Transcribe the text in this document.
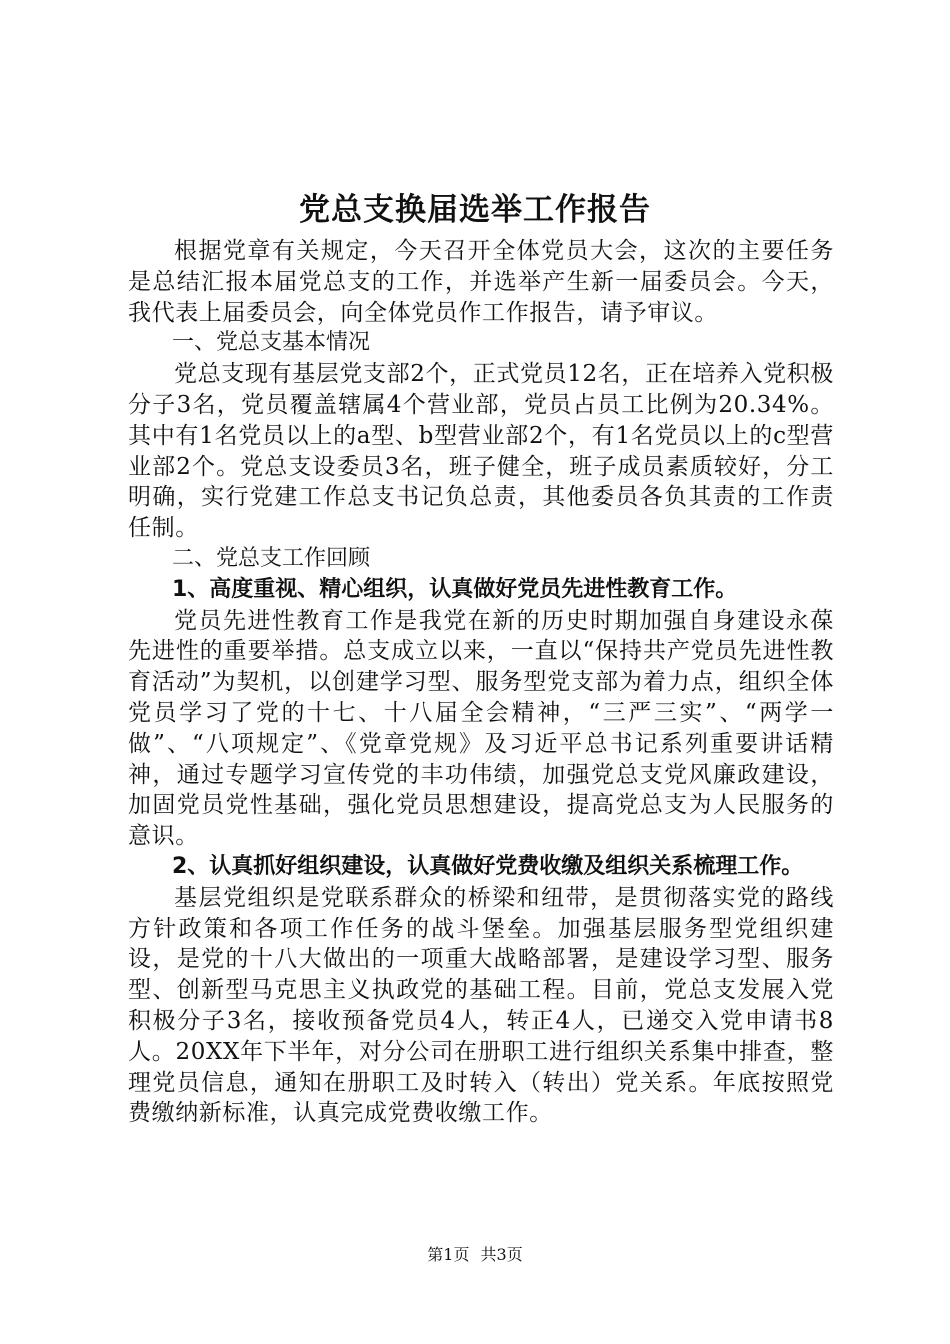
党总支换届选举工作报告

根据党章有关规定，今天召开全体党员大会，这次的主要任务是总结汇报本届党总支的工作，并选举产生新一届委员会。今天，我代表上届委员会，向全体党员作工作报告，请予审议。

一、党总支基本情况

党总支现有基层党支部2个，正式党员12名，正在培养入党积极分子3名，党员覆盖辖属4个营业部，党员占员工比例为20.34%。其中有1名党员以上的a型、b型营业部2个，有1名党员以上的c型营业部2个。党总支设委员3名，班子健全，班子成员素质较好，分工明确，实行党建工作总支书记负总责，其他委员各负其责的工作责任制。

二、党总支工作回顾

1、高度重视、精心组织，认真做好党员先进性教育工作。

党员先进性教育工作是我党在新的历史时期加强自身建设永葆先进性的重要举措。总支成立以来，一直以“保持共产党员先进性教育活动”为契机，以创建学习型、服务型党支部为着力点，组织全体党员学习了党的十七、十八届全会精神，“三严三实”、“两学一做”、“八项规定”、《党章党规》及习近平总书记系列重要讲话精神，通过专题学习宣传党的丰功伟绩，加强党总支党风廉政建设，加固党员党性基础，强化党员思想建设，提高党总支为人民服务的意识。

2、认真抓好组织建设，认真做好党费收缴及组织关系梳理工作。

基层党组织是党联系群众的桥梁和纽带，是贯彻落实党的路线方针政策和各项工作任务的战斗堡垒。加强基层服务型党组织建设，是党的十八大做出的一项重大战略部署，是建设学习型、服务型、创新型马克思主义执政党的基础工程。目前，党总支发展入党积极分子3名，接收预备党员4人，转正4人，已递交入党申请书8人。20XX年下半年，对分公司在册职工进行组织关系集中排查，整理党员信息，通知在册职工及时转入（转出）党关系。年底按照党费缴纳新标准，认真完成党费收缴工作。

第1页 共3页
